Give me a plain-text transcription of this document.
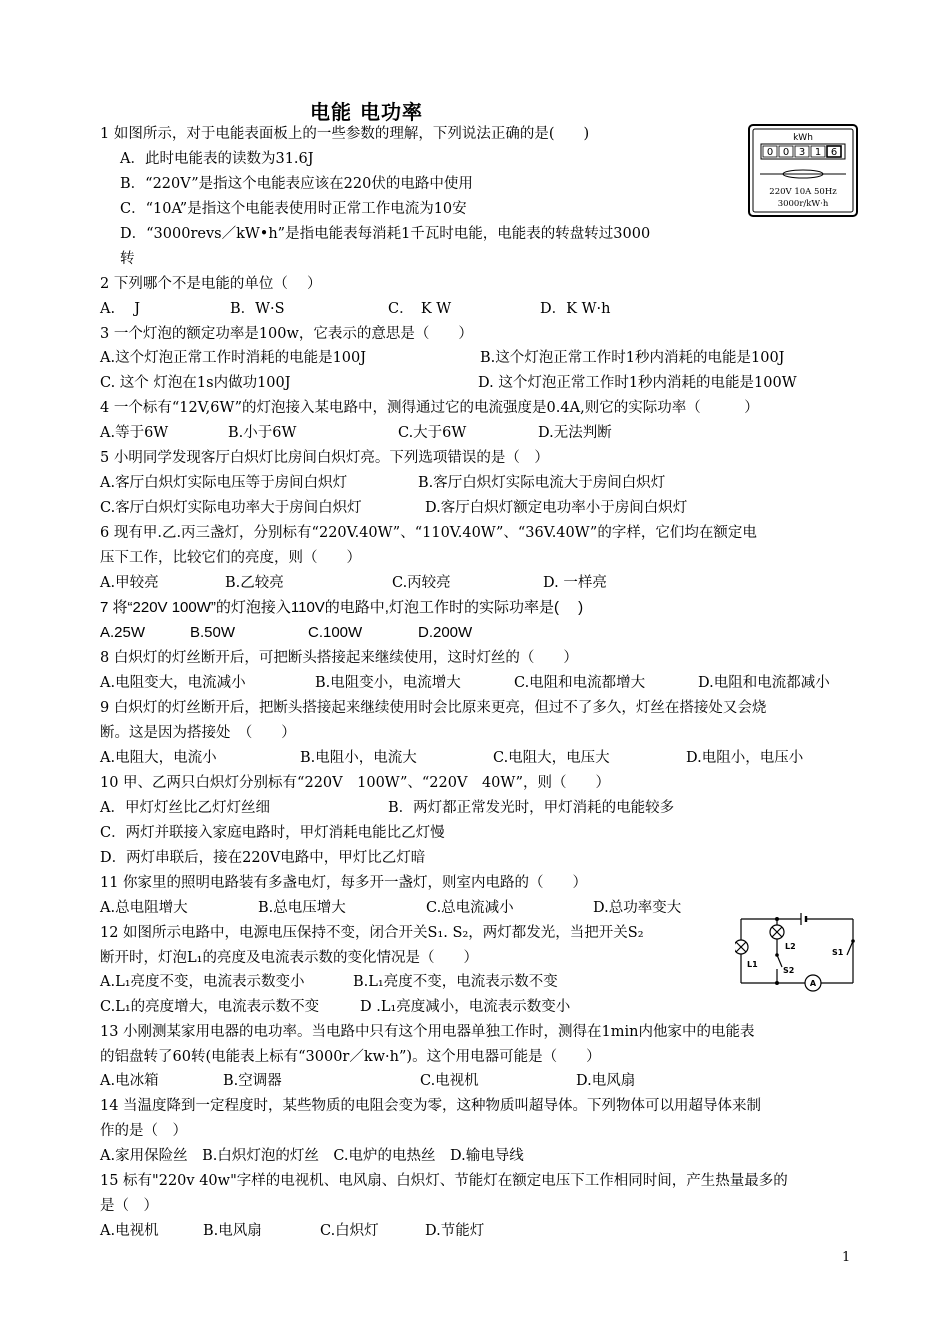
电能 电功率
kWh
0 0 3 1 6
220V 10A 50Hz
3000r/kW·h
1 如图所示，对于电能表面板上的一些参数的理解，下列说法正确的是(　　)
A．此时电能表的读数为31.6J
B．“220V”是指这个电能表应该在220伏的电路中使用
C．“10A”是指这个电能表使用时正常工作电流为10安
D．“3000revs／kW•h”是指电能表每消耗1千瓦时电能，电能表的转盘转过3000
转
2 下列哪个不是电能的单位（　 ）
A.　 J	B．W·S	C．　K W	D．K W·h
3 一个灯泡的额定功率是100w，它表示的意思是（　　）
A.这个灯泡正常工作时消耗的电能是100J	B.这个灯泡正常工作时1秒内消耗的电能是100J
C. 这个 灯泡在1s内做功100J	D. 这个灯泡正常工作时1秒内消耗的电能是100W
4 一个标有“12V,6W”的灯泡接入某电路中，测得通过它的电流强度是0.4A,则它的实际功率（　　　）
A.等于6W	B.小于6W	C.大于6W	D.无法判断
5 小明同学发现客厅白炽灯比房间白炽灯亮。下列选项错误的是（　）
A.客厅白炽灯实际电压等于房间白炽灯	B.客厅白炽灯实际电流大于房间白炽灯
C.客厅白炽灯实际电功率大于房间白炽灯	D.客厅白炽灯额定电功率小于房间白炽灯
6 现有甲.乙.丙三盏灯，分别标有“220V.40W”、“110V.40W”、“36V.40W”的字样，它们均在额定电
压下工作，比较它们的亮度，则（　　）
A.甲较亮	B.乙较亮	C.丙较亮	D. 一样亮
7 将“220V 100W”的灯泡接入110V的电路中,灯泡工作时的实际功率是(　 )
A.25W	B.50W	C.100W	D.200W
8 白炽灯的灯丝断开后，可把断头搭接起来继续使用，这时灯丝的（　　）
A.电阻变大，电流减小	B.电阻变小，电流增大	C.电阻和电流都增大	D.电阻和电流都减小
9 白炽灯的灯丝断开后，把断头搭接起来继续使用时会比原来更亮，但过不了多久，灯丝在搭接处又会烧
断。这是因为搭接处　（　　）
A.电阻大，电流小	B.电阻小，电流大	C.电阻大，电压大	D.电阻小，电压小
10 甲、乙两只白炽灯分别标有“220V　100W”、“220V　40W”，则（　　）
A．甲灯灯丝比乙灯灯丝细	B．两灯都正常发光时，甲灯消耗的电能较多
C．两灯并联接入家庭电路时，甲灯消耗电能比乙灯慢
D．两灯串联后，接在220V电路中，甲灯比乙灯暗
11 你家里的照明电路装有多盏电灯，每多开一盏灯，则室内电路的（　　）
A.总电阻增大	B.总电压增大	C.总电流减小	D.总功率变大
L1
L2
S2
S1
A
12 如图所示电路中，电源电压保持不变，闭合开关S₁. S₂，两灯都发光，当把开关S₂
断开时，灯泡L₁的亮度及电流表示数的变化情况是（　　）
A.L₁亮度不变，电流表示数变小	B.L₁亮度不变，电流表示数不变
C.L₁的亮度增大，电流表示数不变	D .L₁亮度减小，电流表示数变小
13 小刚测某家用电器的电功率。当电路中只有这个用电器单独工作时，测得在1min内他家中的电能表
的铝盘转了60转(电能表上标有“3000r／kw·h”)。这个用电器可能是（　　）
A.电冰箱	B.空调器	C.电视机	D.电风扇
14 当温度降到一定程度时，某些物质的电阻会变为零，这种物质叫超导体。下列物体可以用超导体来制
作的是（　）
A.家用保险丝　B.白炽灯泡的灯丝　C.电炉的电热丝　D.输电导线
15 标有"220v 40w"字样的电视机、电风扇、白炽灯、节能灯在额定电压下工作相同时间，产生热量最多的
是（　）
A.电视机	B.电风扇	C.白炽灯	D.节能灯
1
